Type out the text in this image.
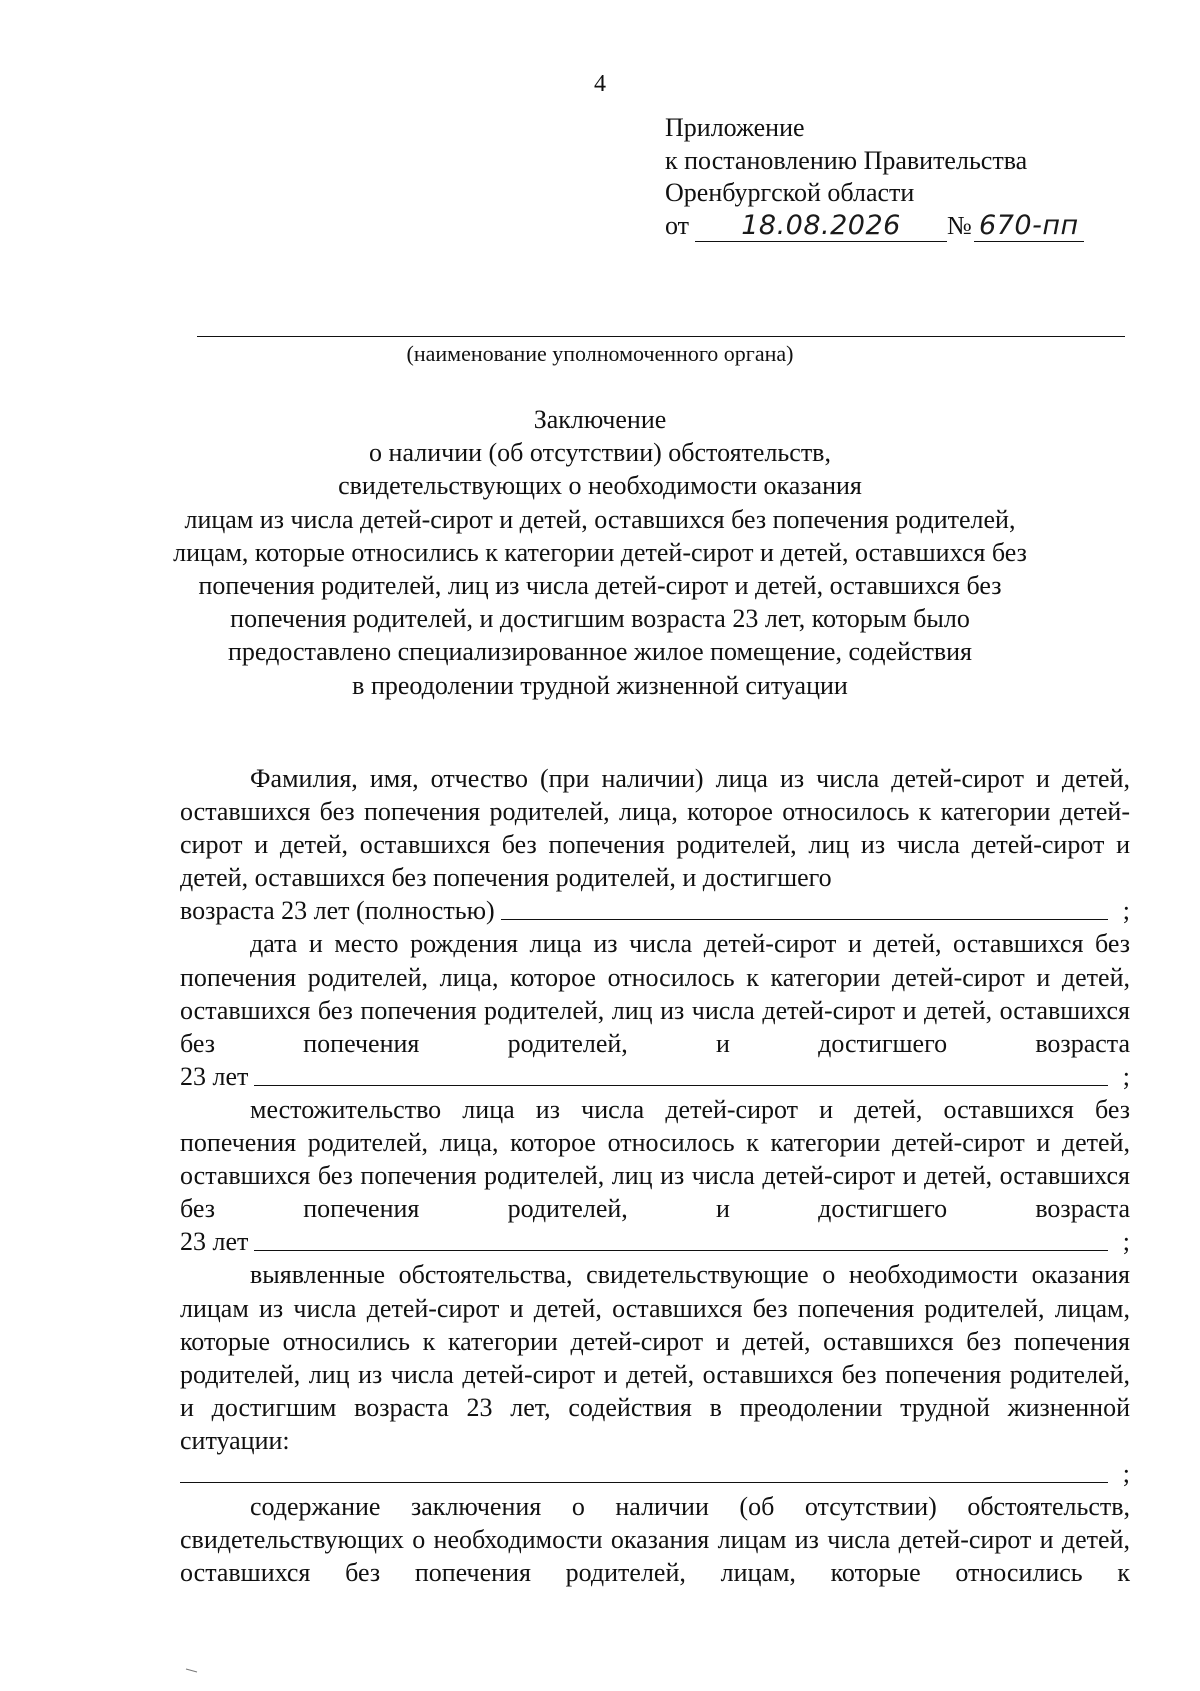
4
Приложение
к постановлению Правительства
Оренбургской области
от 18.08.2026 № 670-пп
(наименование уполномоченного органа)
Заключение
о наличии (об отсутствии) обстоятельств,
свидетельствующих о необходимости оказания
лицам из числа детей-сирот и детей, оставшихся без попечения родителей,
лицам, которые относились к категории детей-сирот и детей, оставшихся без
попечения родителей, лиц из числа детей-сирот и детей, оставшихся без
попечения родителей, и достигшим возраста 23 лет, которым было
предоставлено специализированное жилое помещение, содействия
в преодолении трудной жизненной ситуации
Фамилия, имя, отчество (при наличии) лица из числа детей-сирот и детей, оставшихся без попечения родителей, лица, которое относилось к категории детей-сирот и детей, оставшихся без попечения родителей, лиц из числа детей-сирот и детей, оставшихся без попечения родителей, и достигшего
возраста 23 лет (полностью)	;
дата и место рождения лица из числа детей-сирот и детей, оставшихся без попечения родителей, лица, которое относилось к категории детей-сирот и детей, оставшихся без попечения родителей, лиц из числа детей-сирот и детей, оставшихся без попечения родителей, и достигшего возраста
23 лет	;
местожительство лица из числа детей-сирот и детей, оставшихся без попечения родителей, лица, которое относилось к категории детей-сирот и детей, оставшихся без попечения родителей, лиц из числа детей-сирот и детей, оставшихся без попечения родителей, и достигшего возраста
23 лет	;
выявленные обстоятельства, свидетельствующие о необходимости оказания лицам из числа детей-сирот и детей, оставшихся без попечения родителей, лицам, которые относились к категории детей-сирот и детей, оставшихся без попечения родителей, лиц из числа детей-сирот и детей, оставшихся без попечения родителей, и достигшим возраста 23 лет, содействия в преодолении трудной жизненной ситуации:
;
содержание заключения о наличии (об отсутствии) обстоятельств, свидетельствующих о необходимости оказания лицам из числа детей-сирот и детей, оставшихся без попечения родителей, лицам, которые относились к
